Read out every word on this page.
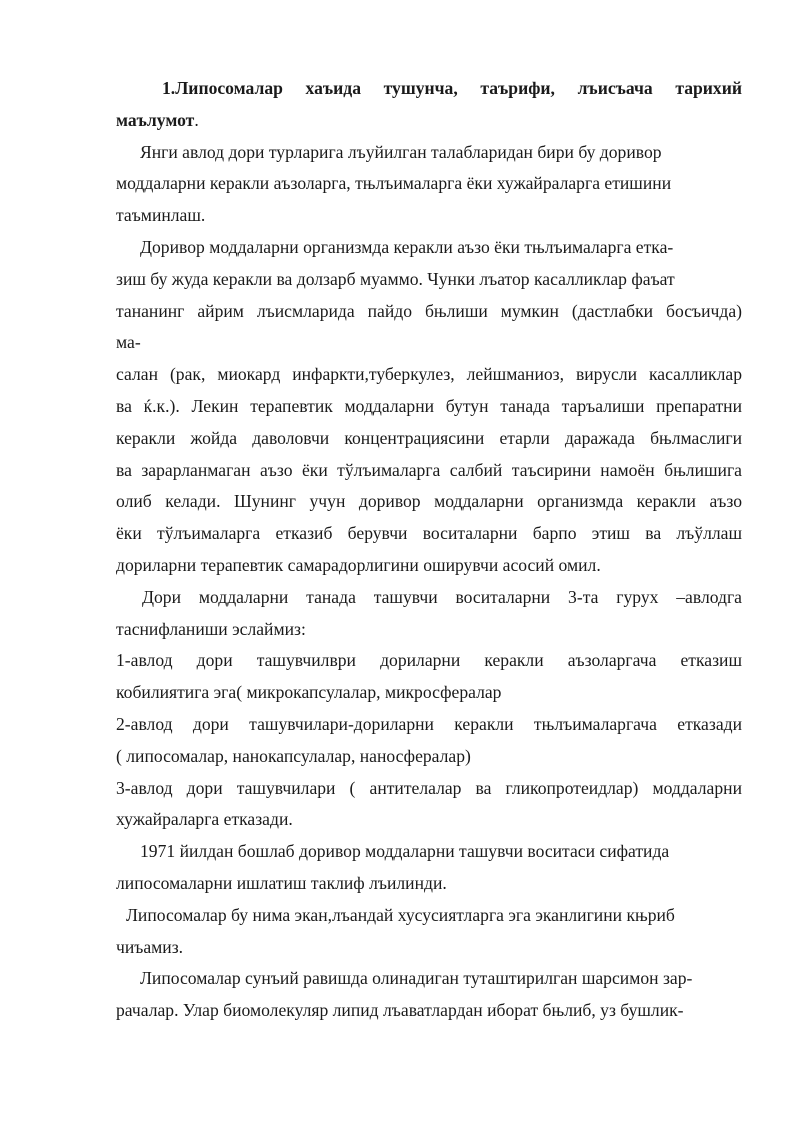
1.Липосомалар хаъида тушунча, таърифи, лъисъача тарихий
маълумот.
Янги авлод дори турларига лъуйилган талабларидан бири бу доривор
моддаларни керакли аъзоларга, тњлъималарга ёки хужайраларга етишини
таъминлаш.
Доривор моддаларни организмда керакли аъзо ёки тњлъималарга етка-
зиш бу жуда керакли ва долзарб муаммо. Чунки лъатор касалликлар фаъат
тананинг айрим лъисмларида пайдо бњлиши мумкин (дастлабки босъичда)
ма-
салан (рак, миокард инфаркти,туберкулез, лейшманиоз, вирусли касалликлар
ва ќ.к.). Лекин терапевтик моддаларни бутун танада таръалиши препаратни
керакли жойда даволовчи концентрациясини етарли даражада бњлмаслиги
ва зарарланмаган аъзо ёки тўлъималарга салбий таъсирини намоён бњлишига
олиб келади. Шунинг учун доривор моддаларни организмда керакли аъзо
ёки тўлъималарга етказиб берувчи воситаларни барпо этиш ва лъўллаш
дориларни терапевтик самарадорлигини оширувчи асосий омил.
Дори моддаларни танада ташувчи воситаларни 3-та гурух –авлодга
таснифланиши эслаймиз:
1-авлод дори ташувчилври дориларни керакли аъзоларгача етказиш
кобилиятига эга( микрокапсулалар, микросфералар
2-авлод дори ташувчилари-дориларни керакли тњлъималаргача етказади
( липосомалар, нанокапсулалар, наносфералар)
3-авлод дори ташувчилари ( антителалар ва гликопротеидлар) моддаларни
хужайраларга етказади.
1971 йилдан бошлаб доривор моддаларни ташувчи воситаси сифатида
липосомаларни ишлатиш таклиф лъилинди.
Липосомалар бу нима экан,лъандай хусусиятларга эга эканлигини књриб
чиъамиз.
Липосомалар сунъий равишда олинадиган туташтирилган шарсимон зар-
рачалар. Улар биомолекуляр липид лъаватлардан иборат бњлиб, уз бушлик-
